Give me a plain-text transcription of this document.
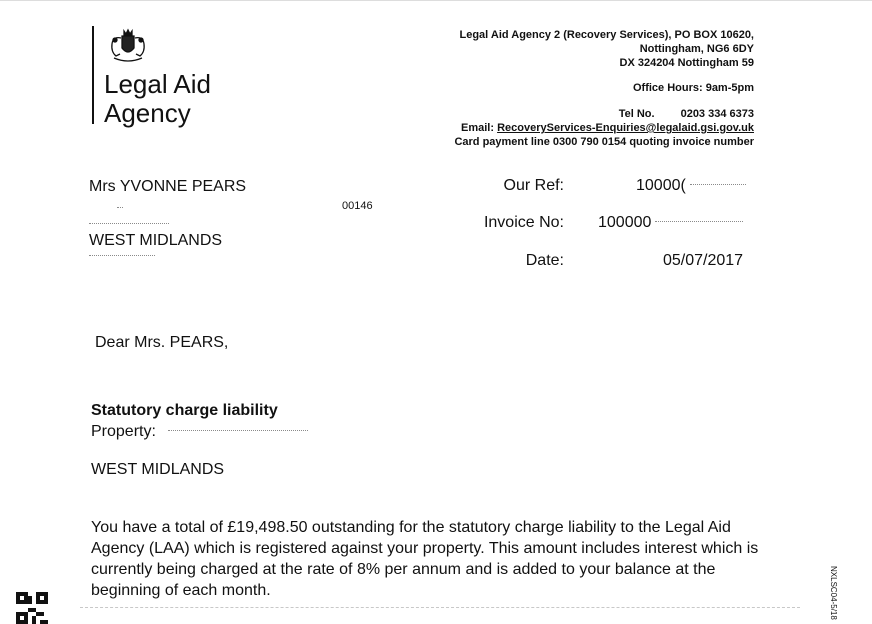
Legal Aid
Agency
Legal Aid Agency 2 (Recovery Services), PO BOX 10620,
Nottingham, NG6 6DY
DX 324204 Nottingham 59
Office Hours: 9am-5pm
Tel No. 0203 334 6373
Email: RecoveryServices-Enquiries@legalaid.gsi.gov.uk
Card payment line 0300 790 0154 quoting invoice number
Mrs YVONNE PEARS
WEST MIDLANDS
00146
Our Ref:	10000(
Invoice No: 100000
Date:	05/07/2017
Dear Mrs. PEARS,
Statutory charge liability
Property:
WEST MIDLANDS
You have a total of £19,498.50 outstanding for the statutory charge liability to the Legal Aid Agency (LAA) which is registered against your property. This amount includes interest which is currently being charged at the rate of 8% per annum and is added to your balance at the beginning of each month.	NXLSC04-5/18
